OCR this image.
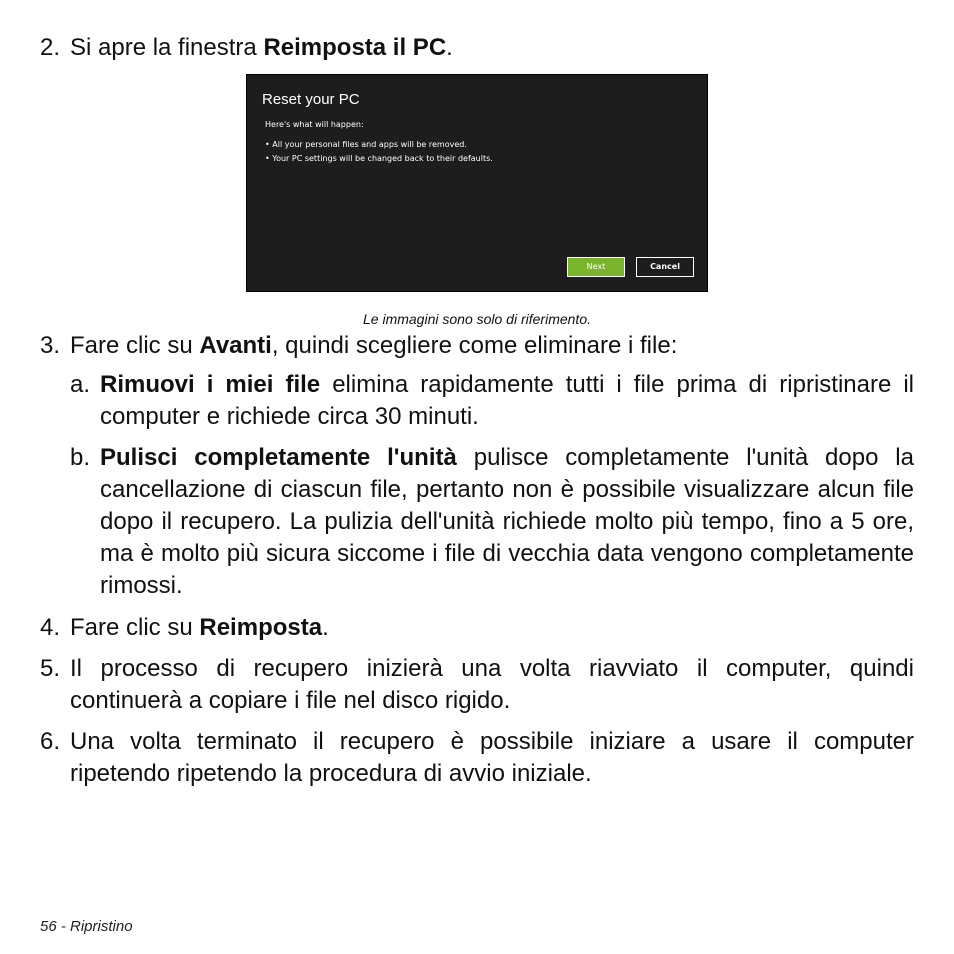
2. Si apre la finestra Reimposta il PC.
Reset your PC
Here's what will happen:
• All your personal files and apps will be removed.
• Your PC settings will be changed back to their defaults.
Next	Cancel
Le immagini sono solo di riferimento.
3. Fare clic su Avanti, quindi scegliere come eliminare i file:
a. Rimuovi i miei file elimina rapidamente tutti i file prima di ripristinare il computer e richiede circa 30 minuti.
b. Pulisci completamente l'unità pulisce completamente l'unità dopo la cancellazione di ciascun file, pertanto non è possibile visualizzare alcun file dopo il recupero. La pulizia dell'unità richiede molto più tempo, fino a 5 ore, ma è molto più sicura siccome i file di vecchia data vengono completamente rimossi.
4. Fare clic su Reimposta.
5. Il processo di recupero inizierà una volta riavviato il computer, quindi continuerà a copiare i file nel disco rigido.
6. Una volta terminato il recupero è possibile iniziare a usare il computer ripetendo ripetendo la procedura di avvio iniziale.
56 - Ripristino
